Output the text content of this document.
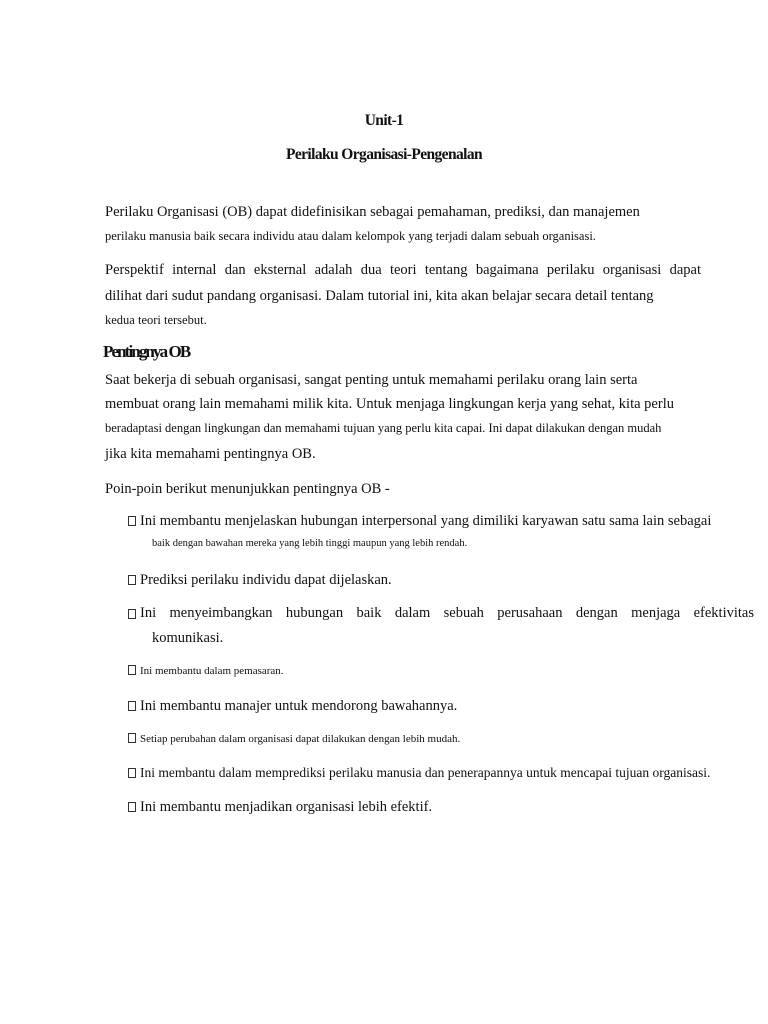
Unit-1
Perilaku Organisasi-Pengenalan
Perilaku Organisasi (OB) dapat didefinisikan sebagai pemahaman, prediksi, dan manajemen
perilaku manusia baik secara individu atau dalam kelompok yang terjadi dalam sebuah organisasi.
Perspektif internal dan eksternal adalah dua teori tentang bagaimana perilaku organisasi dapat
dilihat dari sudut pandang organisasi. Dalam tutorial ini, kita akan belajar secara detail tentang
kedua teori tersebut.
Pentingnya OB
Saat bekerja di sebuah organisasi, sangat penting untuk memahami perilaku orang lain serta
membuat orang lain memahami milik kita. Untuk menjaga lingkungan kerja yang sehat, kita perlu
beradaptasi dengan lingkungan dan memahami tujuan yang perlu kita capai. Ini dapat dilakukan dengan mudah
jika kita memahami pentingnya OB.
Poin-poin berikut menunjukkan pentingnya OB -
Ini membantu menjelaskan hubungan interpersonal yang dimiliki karyawan satu sama lain sebagai
baik dengan bawahan mereka yang lebih tinggi maupun yang lebih rendah.
Prediksi perilaku individu dapat dijelaskan.
Ini menyeimbangkan hubungan baik dalam sebuah perusahaan dengan menjaga efektivitas
komunikasi.
Ini membantu dalam pemasaran.
Ini membantu manajer untuk mendorong bawahannya.
Setiap perubahan dalam organisasi dapat dilakukan dengan lebih mudah.
Ini membantu dalam memprediksi perilaku manusia dan penerapannya untuk mencapai tujuan organisasi.
Ini membantu menjadikan organisasi lebih efektif.
